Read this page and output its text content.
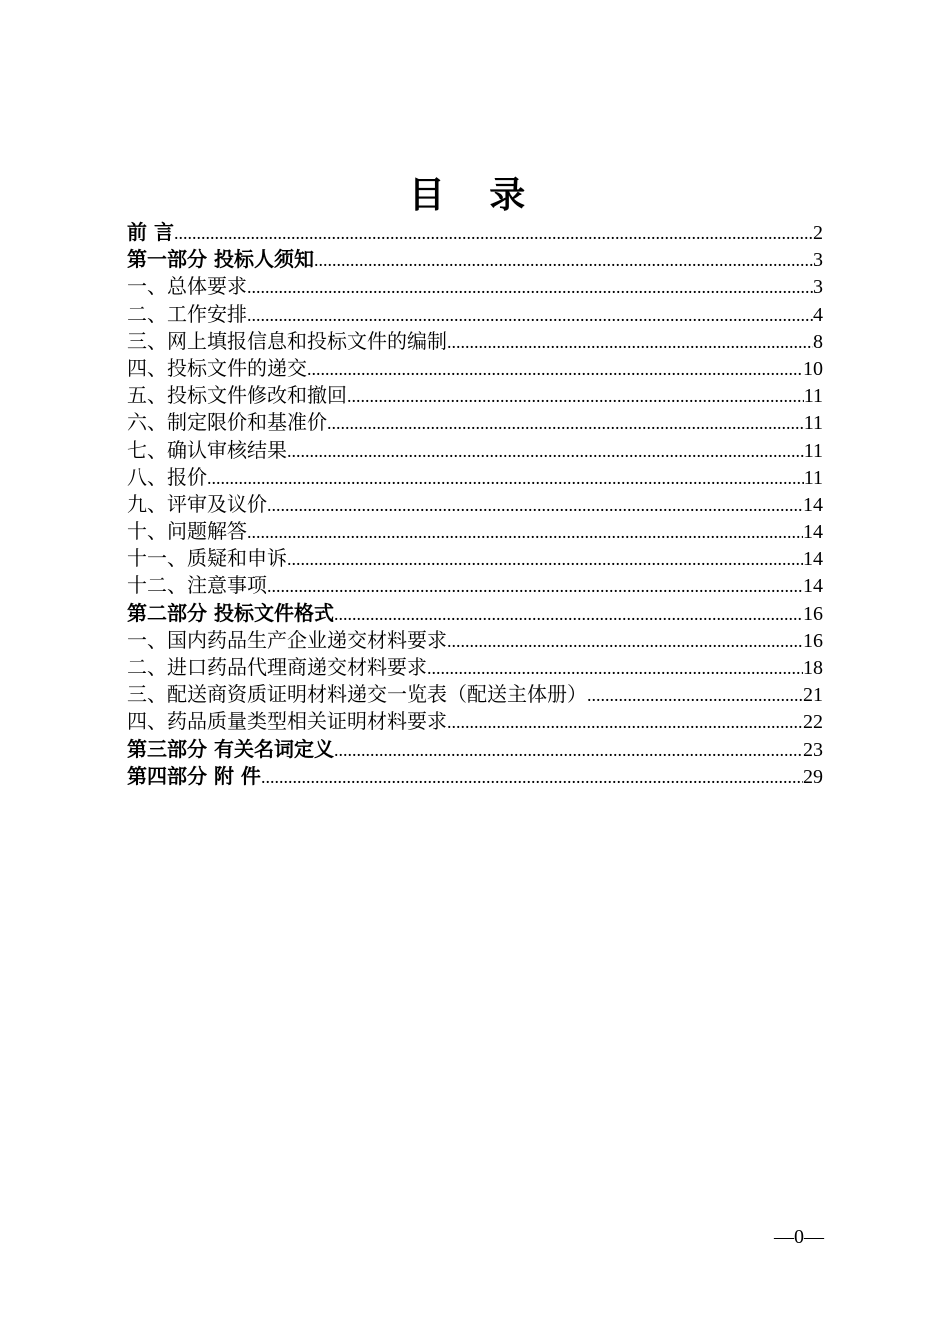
目 录
前 言 .....	2
第一部分 投标人须知 .....	3
一、总体要求 .....	3
二、工作安排 .....	4
三、网上填报信息和投标文件的编制 .....	8
四、投标文件的递交 .....	10
五、投标文件修改和撤回 .....	11
六、制定限价和基准价 .....	11
七、确认审核结果 .....	11
八、报价 .....	11
九、评审及议价 .....	14
十、问题解答 .....	14
十一、质疑和申诉 .....	14
十二、注意事项 .....	14
第二部分 投标文件格式 .....	16
一、国内药品生产企业递交材料要求 .....	16
二、进口药品代理商递交材料要求 .....	18
三、配送商资质证明材料递交一览表（配送主体册） .....	21
四、药品质量类型相关证明材料要求 .....	22
第三部分 有关名词定义 .....	23
第四部分 附 件 .....	29
—0—
